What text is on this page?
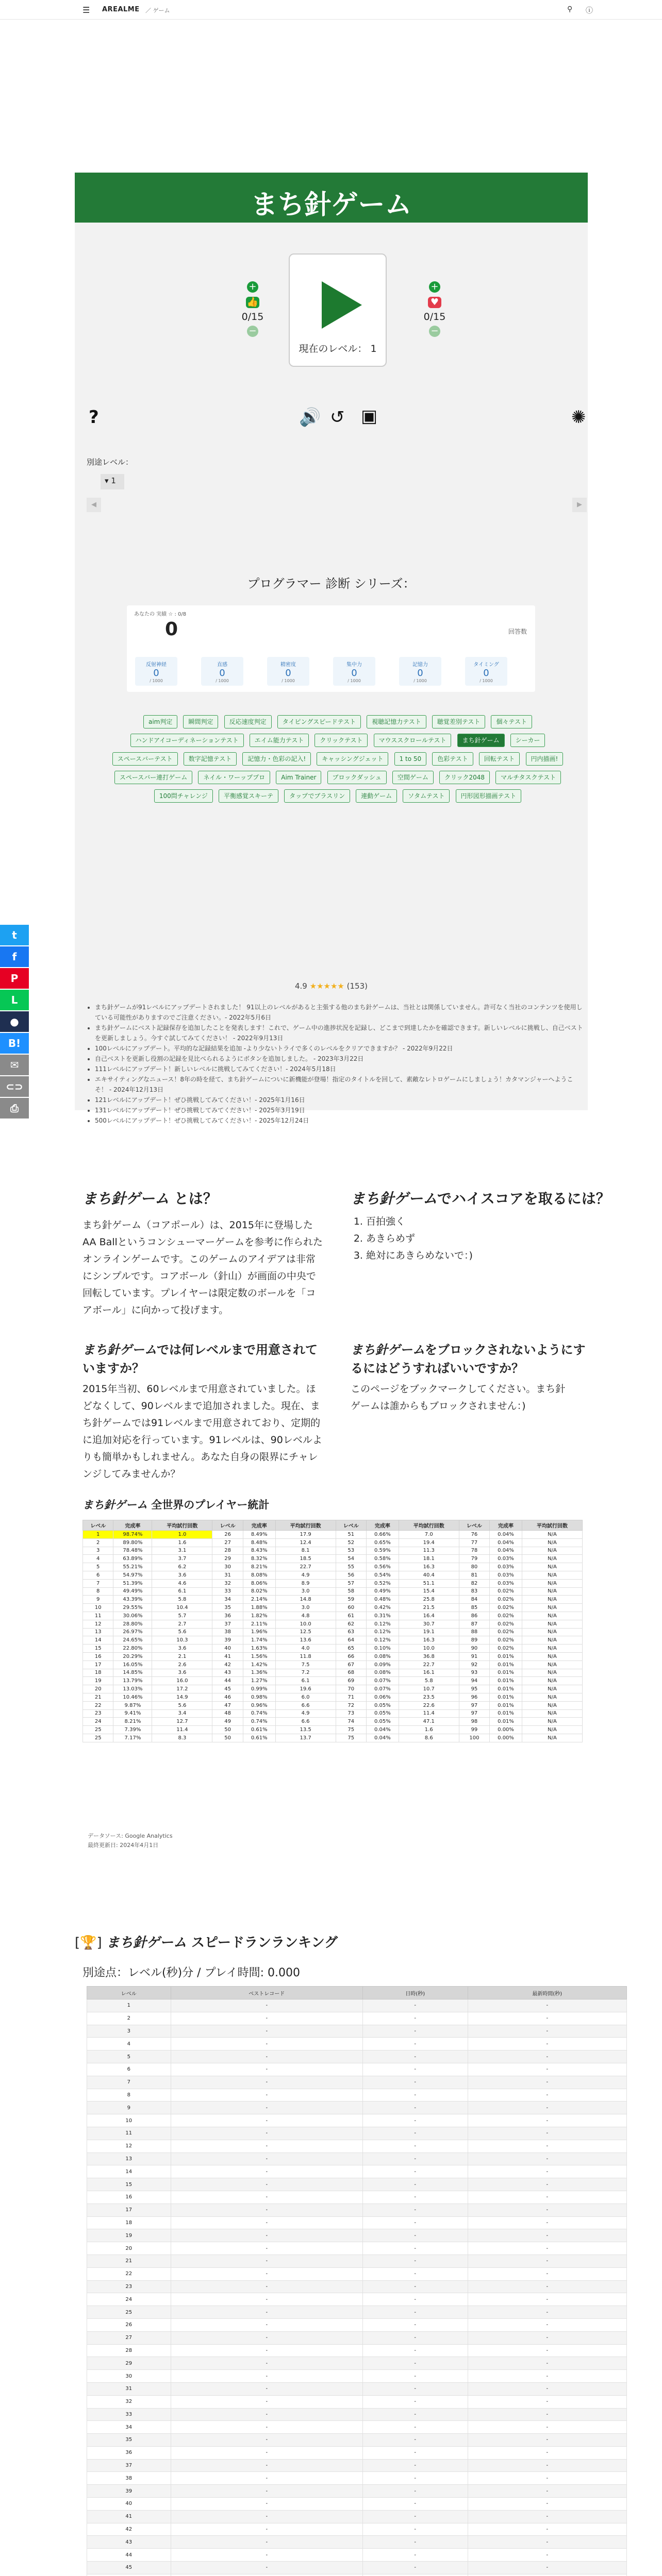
☰ AREALME ／ ゲーム	⚲ ⓘ
まち針ゲーム
+
👍
0/15
−
現在のレベル： 1
+
♥
0/15
−
?	🔊 ↺ ▣	✺
別途レベル：
▾ 1
◀	▶
プログラマー 診断 シリーズ：
あなたの 実績 ☆ : 0/8
0	回答数
反射神経
0
/ 1000
直感
0
/ 1000
精密度
0
/ 1000
集中力
0
/ 1000
記憶力
0
/ 1000
タイミング
0
/ 1000
aim判定	瞬間判定	反応速度判定	タイピングスピードテスト	視聴記憶力テスト	聴覚差別テスト	個々テスト ハンドアイコーディネーションテスト	エイム能力テスト	クリックテスト	マウススクロールテスト	まち針ゲーム	シーカー スペースバーテスト	数字記憶テスト	記憶力・色彩の記入!	キャッシングジェット	1 to 50	色彩テスト	回転テスト	円内描画! スペースバー連打ゲーム	ネイル・ワーッププロ	Aim Trainer	ブロックダッシュ	空間ゲーム	クリック2048	マルチタスクテスト 100問チャレンジ	平衡感覚スキーテ	タップでブラスリン	連動ゲーム	ソタムテスト	円形図形描画テスト
4.9 ★★★★★ (153)
• まち針ゲームが91レベルにアップデートされました！ 91以上のレベルがあると主張する他のまち針ゲームは、当社とは関係していません。許可なく当社のコンテンツを使用している可能性がありますのでご注意ください。- 2022年5月6日
• まち針ゲームにベスト記録保存を追加したことを発表します！これで、ゲーム中の進捗状況を記録し、どこまで到達したかを確認できます。新しいレベルに挑戦し、自己ベストを更新しましょう。今すぐ試してみてください！ - 2022年9月13日
• 100レベルにアップデート。平均的な記録結果を追加 -より少ないトライで多くのレベルをクリアできますか？ - 2022年9月22日
• 自己ベストを更新し役割の記録を見比べられるようにボタンを追加しました。 - 2023年3月22日
• 111レベルにアップデート！新しいレベルに挑戦してみてください！- 2024年5月18日
• エキサイティングなニュース！8年の時を経て、まち針ゲームについに新機能が登場！指定のタイトルを回して、素敵なレトロゲームにしましょう！カタマンジャーへようこそ！ - 2024年12月13日
• 121レベルにアップデート！ぜひ挑戦してみてください！- 2025年1月16日
• 131レベルにアップデート！ぜひ挑戦してみてください！- 2025年3月19日
• 500レベルにアップデート！ぜひ挑戦してみてください！- 2025年12月24日
t
f
P
L
●
B!
✉
⊂⊃
⎙
まち針ゲーム とは？
まち針ゲーム（コアポール）は、2015年に登場したAA Ballというコンシューマーゲームを参考に作られたオンラインゲームです。このゲームのアイデアは非常にシンプルです。コアボール（針山）が画面の中央で回転しています。プレイヤーは限定数のボールを「コアボール」に向かって投げます。
まち針ゲームでハイスコアを取るには？
1. 百拍強く
2. あきらめず
3. 絶対にあきらめないで：)
まち針ゲームでは何レベルまで用意されていますか？
2015年当初、60レベルまで用意されていました。ほどなくして、90レベルまで追加されました。現在、まち針ゲームでは91レベルまで用意されており、定期的に追加対応を行っています。91レベルは、90レベルよりも簡単かもしれません。あなた自身の限界にチャレンジしてみませんか？
まち針ゲームをブロックされないようにするにはどうすればいいですか？
このページをブックマークしてください。まち針ゲームは誰からもブロックされません：)
まち針ゲーム 全世界のプレイヤー統計
レベル	完成率	平均試行回数	レベル	完成率	平均試行回数	レベル	完成率	平均試行回数	レベル	完成率	平均試行回数
1	98.74%	1.0	26	8.49%	17.9	51	0.66%	7.0	76	0.04%	N/A
2	89.80%	1.6	27	8.48%	12.4	52	0.65%	19.4	77	0.04%	N/A
3	78.48%	3.1	28	8.43%	8.1	53	0.59%	11.3	78	0.04%	N/A
4	63.89%	3.7	29	8.32%	18.5	54	0.58%	18.1	79	0.03%	N/A
5	55.21%	6.2	30	8.21%	22.7	55	0.56%	16.3	80	0.03%	N/A
6	54.97%	3.6	31	8.08%	4.9	56	0.54%	40.4	81	0.03%	N/A
7	51.39%	4.6	32	8.06%	8.9	57	0.52%	51.1	82	0.03%	N/A
8	49.49%	6.1	33	8.02%	3.0	58	0.49%	15.4	83	0.02%	N/A
9	43.39%	5.8	34	2.14%	14.8	59	0.48%	25.8	84	0.02%	N/A
10	29.55%	10.4	35	1.88%	3.0	60	0.42%	21.5	85	0.02%	N/A
11	30.06%	5.7	36	1.82%	4.8	61	0.31%	16.4	86	0.02%	N/A
12	28.80%	2.7	37	2.11%	10.0	62	0.12%	30.7	87	0.02%	N/A
13	26.97%	5.6	38	1.96%	12.5	63	0.12%	19.1	88	0.02%	N/A
14	24.65%	10.3	39	1.74%	13.6	64	0.12%	16.3	89	0.02%	N/A
15	22.80%	3.6	40	1.63%	4.0	65	0.10%	10.0	90	0.02%	N/A
16	20.29%	2.1	41	1.56%	11.8	66	0.08%	36.8	91	0.01%	N/A
17	16.05%	2.6	42	1.42%	7.5	67	0.09%	22.7	92	0.01%	N/A
18	14.85%	3.6	43	1.36%	7.2	68	0.08%	16.1	93	0.01%	N/A
19	13.79%	16.0	44	1.27%	6.1	69	0.07%	5.8	94	0.01%	N/A
20	13.03%	17.2	45	0.99%	19.6	70	0.07%	10.7	95	0.01%	N/A
21	10.46%	14.9	46	0.98%	6.0	71	0.06%	23.5	96	0.01%	N/A
22	9.87%	5.6	47	0.96%	6.6	72	0.05%	22.6	97	0.01%	N/A
23	9.41%	3.4	48	0.74%	4.9	73	0.05%	11.4	97	0.01%	N/A
24	8.21%	12.7	49	0.74%	6.6	74	0.05%	47.1	98	0.01%	N/A
25	7.39%	11.4	50	0.61%	13.5	75	0.04%	1.6	99	0.00%	N/A
25	7.17%	8.3	50	0.61%	13.7	75	0.04%	8.6	100	0.00%	N/A
データソース: Google Analytics
最終更新日: 2024年4月1日
[🏆] まち針ゲーム スピードランランキング
別途点：レベル(秒)分 / プレイ時間: 0.000
レベル	ベストレコード	日時(秒)	最新時間(秒)
1	-	-	-
2	-	-	-
3	-	-	-
4	-	-	-
5	-	-	-
6	-	-	-
7	-	-	-
8	-	-	-
9	-	-	-
10	-	-	-
11	-	-	-
12	-	-	-
13	-	-	-
14	-	-	-
15	-	-	-
16	-	-	-
17	-	-	-
18	-	-	-
19	-	-	-
20	-	-	-
21	-	-	-
22	-	-	-
23	-	-	-
24	-	-	-
25	-	-	-
26	-	-	-
27	-	-	-
28	-	-	-
29	-	-	-
30	-	-	-
31	-	-	-
32	-	-	-
33	-	-	-
34	-	-	-
35	-	-	-
36	-	-	-
37	-	-	-
38	-	-	-
39	-	-	-
40	-	-	-
41	-	-	-
42	-	-	-
43	-	-	-
44	-	-	-
45	-	-	-
